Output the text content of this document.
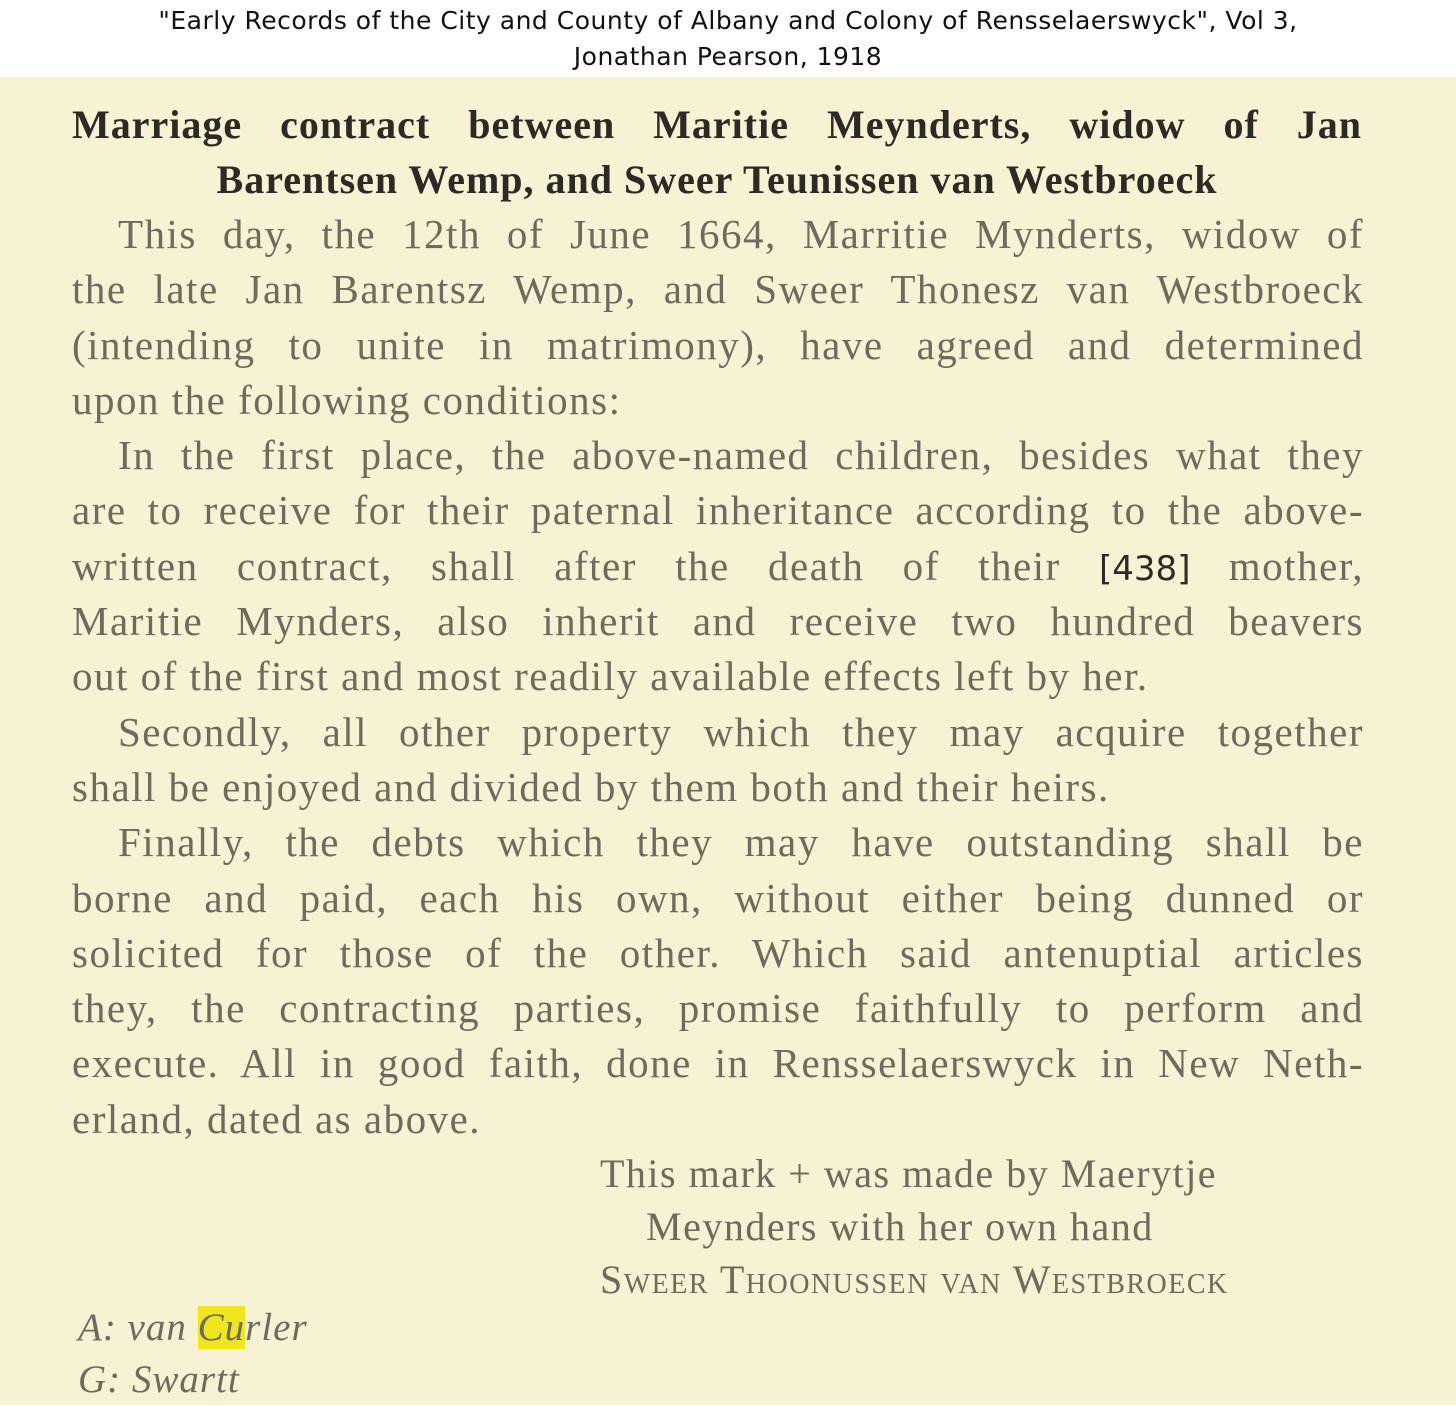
"Early Records of the City and County of Albany and Colony of Rensselaerswyck", Vol 3,
Jonathan Pearson, 1918
Marriage contract between Maritie Meynderts, widow of Jan
Barentsen Wemp, and Sweer Teunissen van Westbroeck
This day, the 12th of June 1664, Marritie Mynderts, widow of
the late Jan Barentsz Wemp, and Sweer Thonesz van Westbroeck
(intending to unite in matrimony), have agreed and determined
upon the following conditions:
In the first place, the above-named children, besides what they
are to receive for their paternal inheritance according to the above-
written contract, shall after the death of their [438] mother,
Maritie Mynders, also inherit and receive two hundred beavers
out of the first and most readily available effects left by her.
Secondly, all other property which they may acquire together
shall be enjoyed and divided by them both and their heirs.
Finally, the debts which they may have outstanding shall be
borne and paid, each his own, without either being dunned or
solicited for those of the other. Which said antenuptial articles
they, the contracting parties, promise faithfully to perform and
execute. All in good faith, done in Rensselaerswyck in New Neth-
erland, dated as above.
This mark + was made by Maerytje
Meynders with her own hand
Sweer Thoonussen van Westbroeck
A: van Curler
G: Swartt
